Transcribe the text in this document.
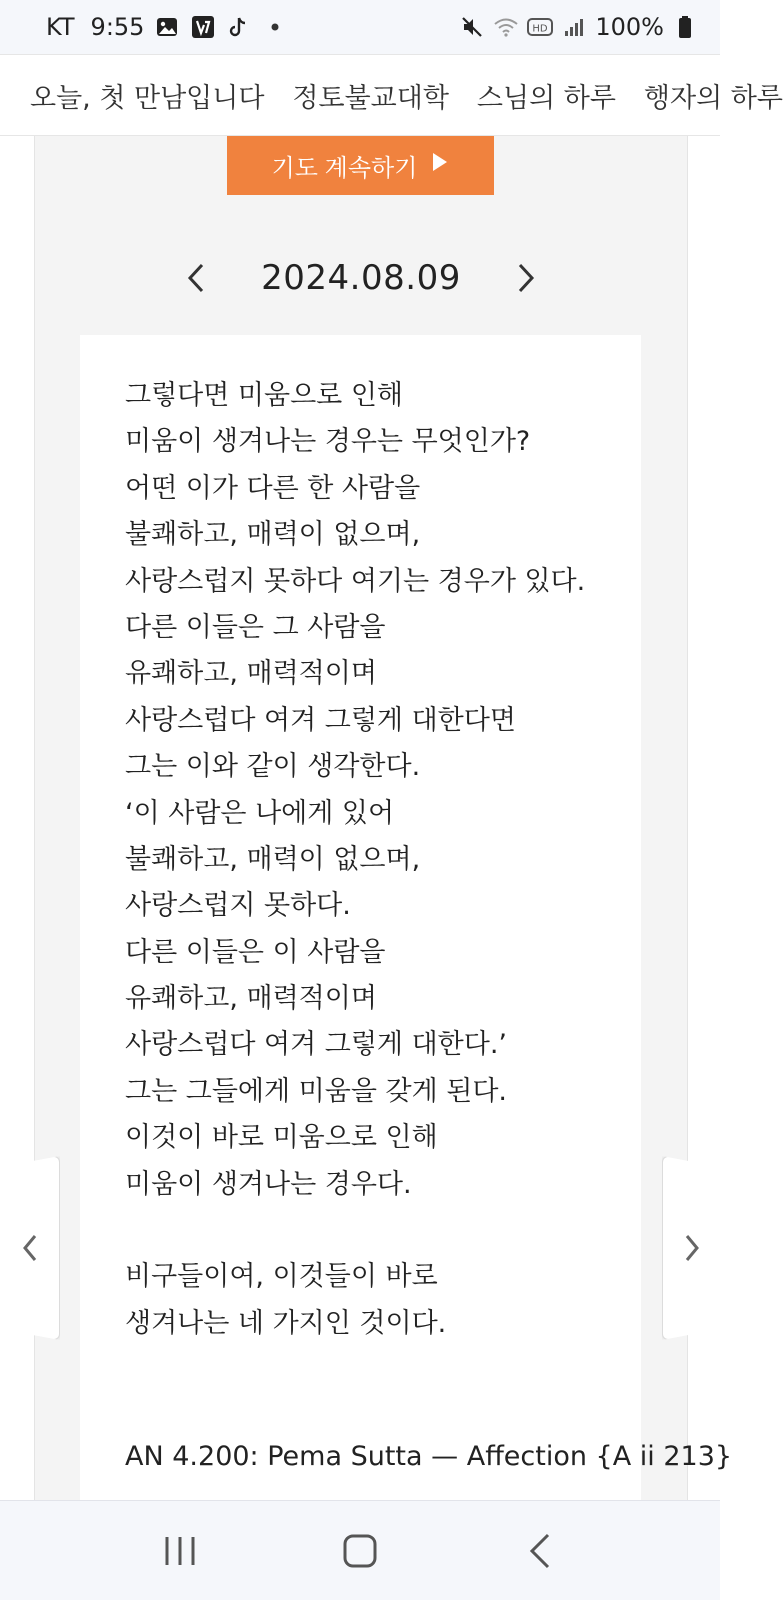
KT 9:55	HD 100%
오늘, 첫 만남입니다 정토불교대학 스님의 하루 행자의 하루
기도 계속하기
2024.08.09
그렇다면 미움으로 인해
미움이 생겨나는 경우는 무엇인가?
어떤 이가 다른 한 사람을
불쾌하고, 매력이 없으며,
사랑스럽지 못하다 여기는 경우가 있다.
다른 이들은 그 사람을
유쾌하고, 매력적이며
사랑스럽다 여겨 그렇게 대한다면
그는 이와 같이 생각한다.
‘이 사람은 나에게 있어
불쾌하고, 매력이 없으며,
사랑스럽지 못하다.
다른 이들은 이 사람을
유쾌하고, 매력적이며
사랑스럽다 여겨 그렇게 대한다.’
그는 그들에게 미움을 갖게 된다.
이것이 바로 미움으로 인해
미움이 생겨나는 경우다.
비구들이여, 이것들이 바로
생겨나는 네 가지인 것이다.
AN 4.200: Pema Sutta — Affection {A ii 213}
